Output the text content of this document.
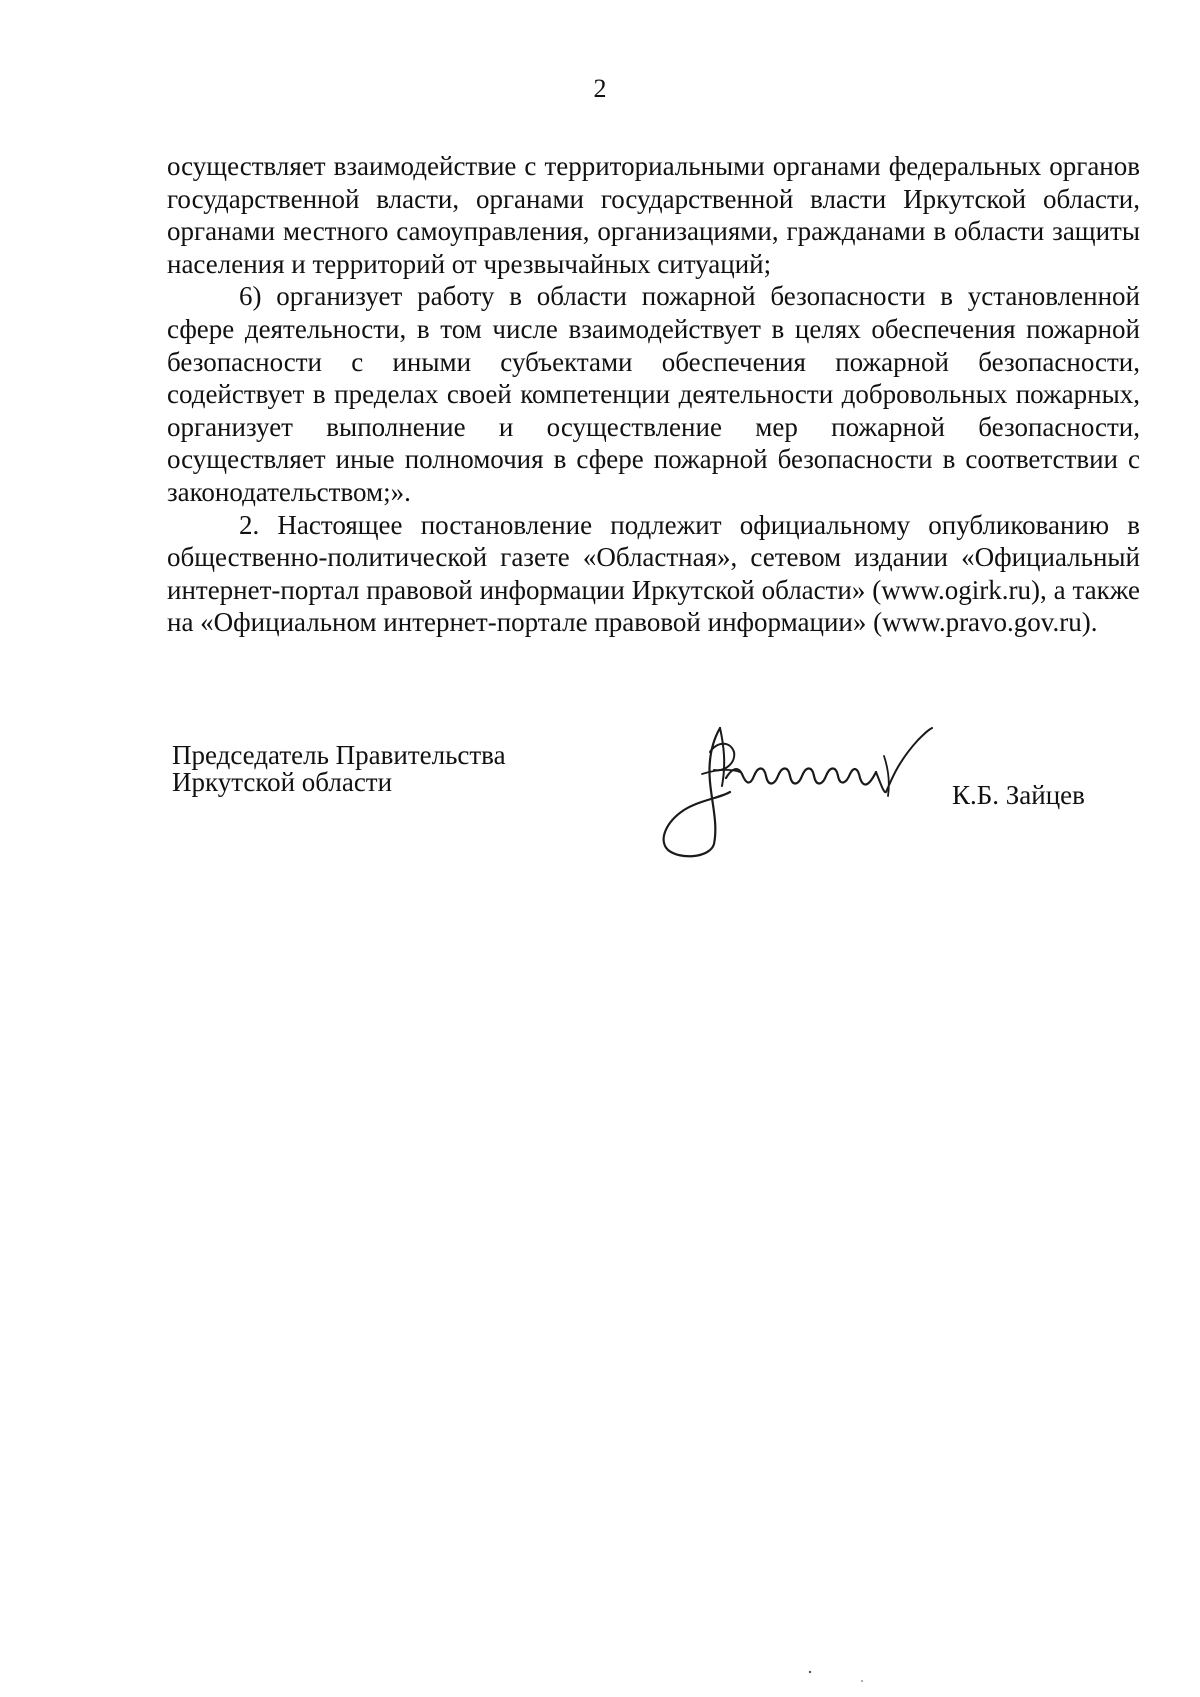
2

осуществляет взаимодействие с территориальными органами федеральных органов государственной власти, органами государственной власти Иркутской области, органами местного самоуправления, организациями, гражданами в области защиты населения и территорий от чрезвычайных ситуаций;

6) организует работу в области пожарной безопасности в установленной сфере деятельности, в том числе взаимодействует в целях обеспечения пожарной безопасности с иными субъектами обеспечения пожарной безопасности, содействует в пределах своей компетенции деятельности добровольных пожарных, организует выполнение и осуществление мер пожарной безопасности, осуществляет иные полномочия в сфере пожарной безопасности в соответствии с законодательством;».

2. Настоящее постановление подлежит официальному опубликованию в общественно-политической газете «Областная», сетевом издании «Официальный интернет-портал правовой информации Иркутской области» (www.ogirk.ru), а также на «Официальном интернет-портале правовой информации» (www.pravo.gov.ru).

Председатель Правительства
Иркутской области	К.Б. Зайцев
